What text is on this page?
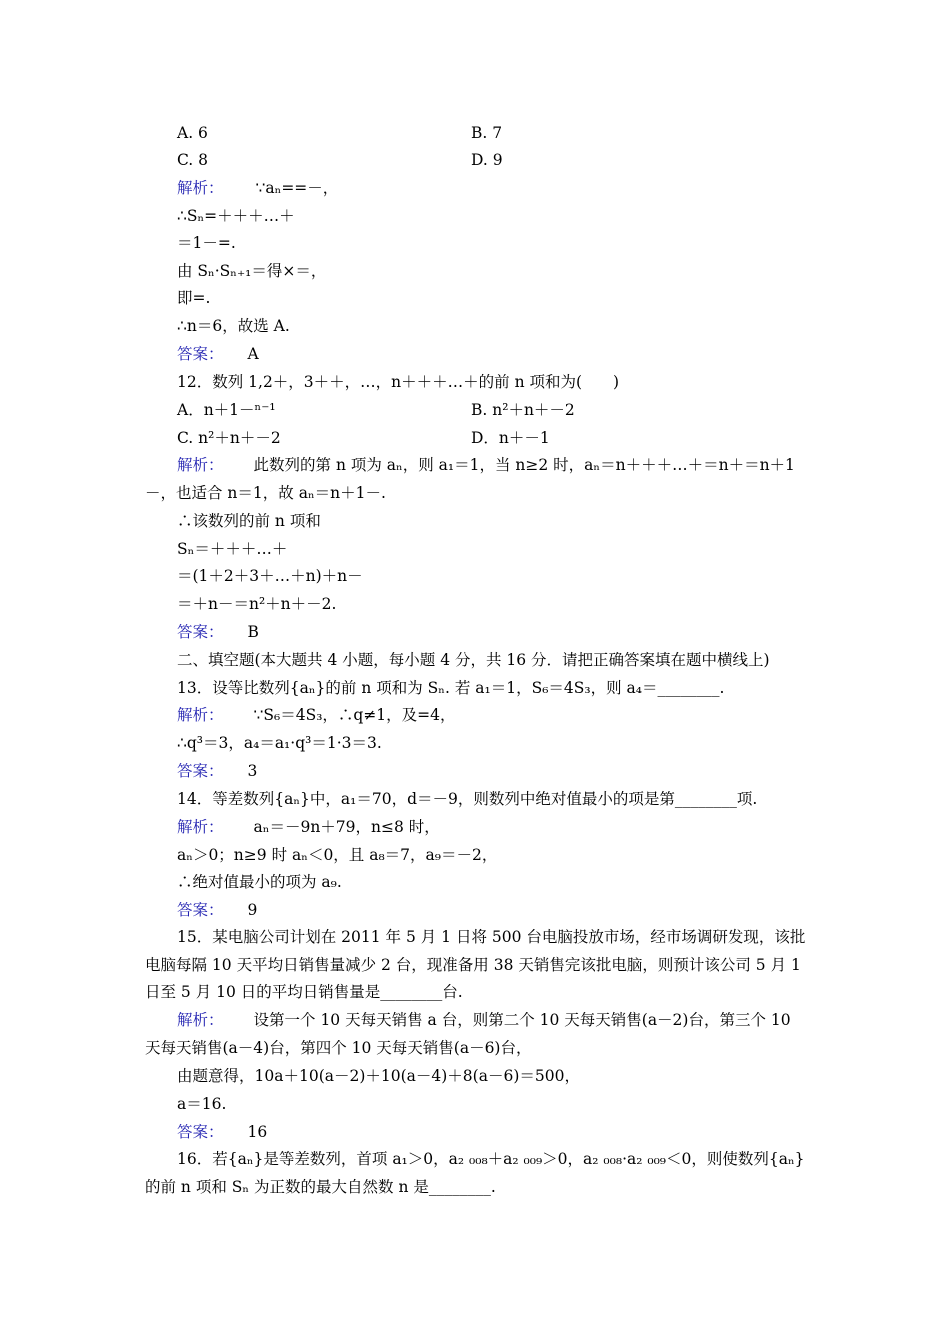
A. 6	B. 7
C. 8	D. 9
解析： ∵aₙ==－，
∴Sₙ=＋＋＋…＋
＝1－=.
由 Sₙ·Sₙ₊₁＝得×＝，
即=.
∴n＝6，故选 A.
答案： A
12．数列 1,2＋，3＋＋，…，n＋＋＋…＋的前 n 项和为(　　)
A．n＋1－ⁿ⁻¹	B. n²＋n＋－2
C. n²＋n＋－2	D．n＋－1

解析： 此数列的第 n 项为 aₙ，则 a₁＝1，当 n≥2 时，aₙ＝n＋＋＋…＋＝n＋＝n＋1－，也适合 n＝1，故 aₙ＝n＋1－.

∴该数列的前 n 项和
Sₙ＝＋＋＋…＋
＝(1＋2＋3＋…＋n)＋n－
＝＋n－＝n²＋n＋－2.
答案： B
二、填空题(本大题共 4 小题，每小题 4 分，共 16 分．请把正确答案填在题中横线上)
13．设等比数列{aₙ}的前 n 项和为 Sₙ. 若 a₁＝1，S₆＝4S₃，则 a₄＝________.
解析： ∵S₆＝4S₃，∴q≠1，及=4，
∴q³＝3，a₄＝a₁·q³＝1·3＝3.
答案： 3
14．等差数列{aₙ}中，a₁＝70，d＝－9，则数列中绝对值最小的项是第________项.
解析： aₙ＝－9n＋79，n≤8 时，
aₙ＞0；n≥9 时 aₙ＜0，且 a₈＝7，a₉＝－2，
∴绝对值最小的项为 a₉.
答案： 9

15．某电脑公司计划在 2011 年 5 月 1 日将 500 台电脑投放市场，经市场调研发现，该批电脑每隔 10 天平均日销售量减少 2 台，现准备用 38 天销售完该批电脑，则预计该公司 5 月 1 日至 5 月 10 日的平均日销售量是________台.

解析： 设第一个 10 天每天销售 a 台，则第二个 10 天每天销售(a－2)台，第三个 10 天每天销售(a－4)台，第四个 10 天每天销售(a－6)台，

由题意得，10a＋10(a－2)＋10(a－4)＋8(a－6)＝500，
a＝16.
答案： 16

16．若{aₙ}是等差数列，首项 a₁＞0，a₂ ₀₀₈＋a₂ ₀₀₉＞0，a₂ ₀₀₈·a₂ ₀₀₉＜0，则使数列{aₙ}的前 n 项和 Sₙ 为正数的最大自然数 n 是________.
